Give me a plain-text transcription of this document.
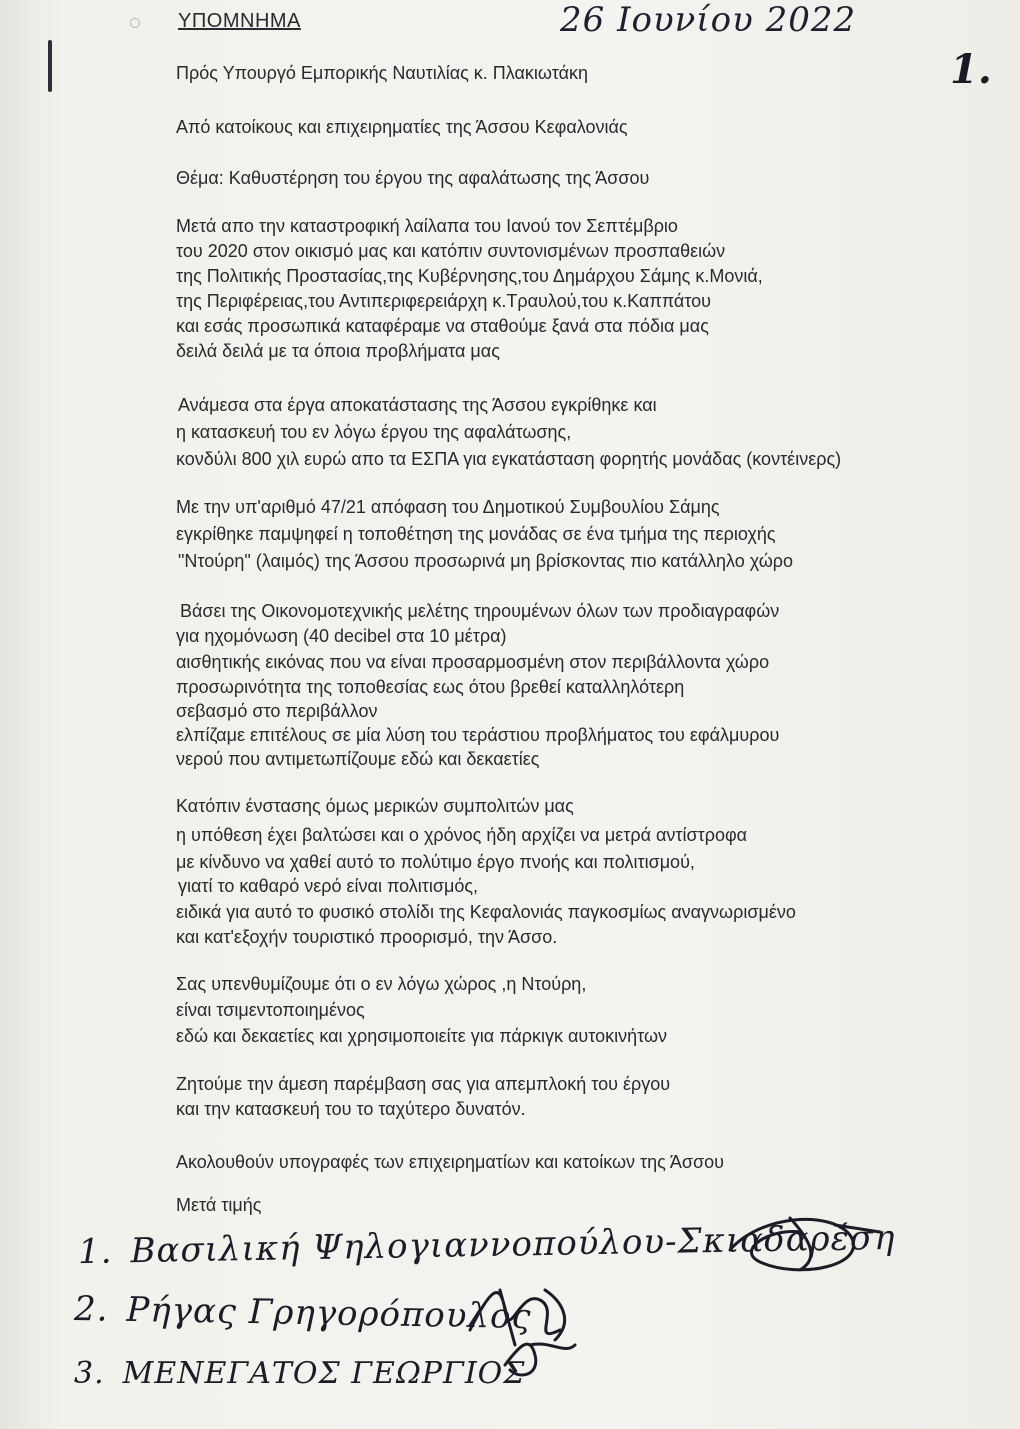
ΥΠΟΜΝΗΜΑ	26 Ιουνίου 2022
1.
Πρός Υπουργό Εμπορικής Ναυτιλίας κ. Πλακιωτάκη
Από κατοίκους και επιχειρηματίες της Άσσου Κεφαλονιάς
Θέμα: Καθυστέρηση του έργου της αφαλάτωσης της Άσσου
Μετά απο την καταστροφική λαίλαπα του Ιανού τον Σεπτέμβριο
του 2020 στον οικισμό μας και κατόπιν συντονισμένων προσπαθειών
της Πολιτικής Προστασίας,της Κυβέρνησης,του Δημάρχου Σάμης κ.Μονιά,
της Περιφέρειας,του Αντιπεριφερειάρχη κ.Τραυλού,του κ.Καππάτου
και εσάς προσωπικά καταφέραμε να σταθούμε ξανά στα πόδια μας
δειλά δειλά με τα όποια προβλήματα μας
Ανάμεσα στα έργα αποκατάστασης της Άσσου εγκρίθηκε και
η κατασκευή του εν λόγω έργου της αφαλάτωσης,
κονδύλι 800 χιλ ευρώ απο τα ΕΣΠΑ για εγκατάσταση φορητής μονάδας (κοντέινερς)
Με την υπ'αριθμό 47/21 απόφαση του Δημοτικού Συμβουλίου Σάμης
εγκρίθηκε παμψηφεί η τοποθέτηση της μονάδας σε ένα τμήμα της περιοχής
"Ντούρη" (λαιμός) της Άσσου προσωρινά μη βρίσκοντας πιο κατάλληλο χώρο
Βάσει της Οικονομοτεχνικής μελέτης τηρουμένων όλων των προδιαγραφών
για ηχομόνωση (40 decibel στα 10 μέτρα)
αισθητικής εικόνας που να είναι προσαρμοσμένη στον περιβάλλοντα χώρο
προσωρινότητα της τοποθεσίας εως ότου βρεθεί καταλληλότερη
σεβασμό στο περιβάλλον
ελπίζαμε επιτέλους σε μία λύση του τεράστιου προβλήματος του εφάλμυρου
νερού που αντιμετωπίζουμε εδώ και δεκαετίες
Κατόπιν ένστασης όμως μερικών συμπολιτών μας
η υπόθεση έχει βαλτώσει και ο χρόνος ήδη αρχίζει να μετρά αντίστροφα
με κίνδυνο να χαθεί αυτό το πολύτιμο έργο πνοής και πολιτισμού,
γιατί το καθαρό νερό είναι πολιτισμός,
ειδικά για αυτό το φυσικό στολίδι της Κεφαλονιάς παγκοσμίως αναγνωρισμένο
και κατ'εξοχήν τουριστικό προορισμό, την Άσσο.
Σας υπενθυμίζουμε ότι ο εν λόγω χώρος ,η Ντούρη,
είναι τσιμεντοποιημένος
εδώ και δεκαετίες και χρησιμοποιείτε για πάρκιγκ αυτοκινήτων
Ζητούμε την άμεση παρέμβαση σας για απεμπλοκή του έργου
και την κατασκευή του το ταχύτερο δυνατόν.
Ακολουθούν υπογραφές των επιχειρηματίων και κατοίκων της Άσσου
Μετά τιμής
1. Βασιλική Ψηλογιαννοπούλου-Σκιαδαρέση
2. Ρήγας Γρηγορόπουλος
3. ΜΕΝΕΓΑΤΟΣ ΓΕΩΡΓΙΟΣ
